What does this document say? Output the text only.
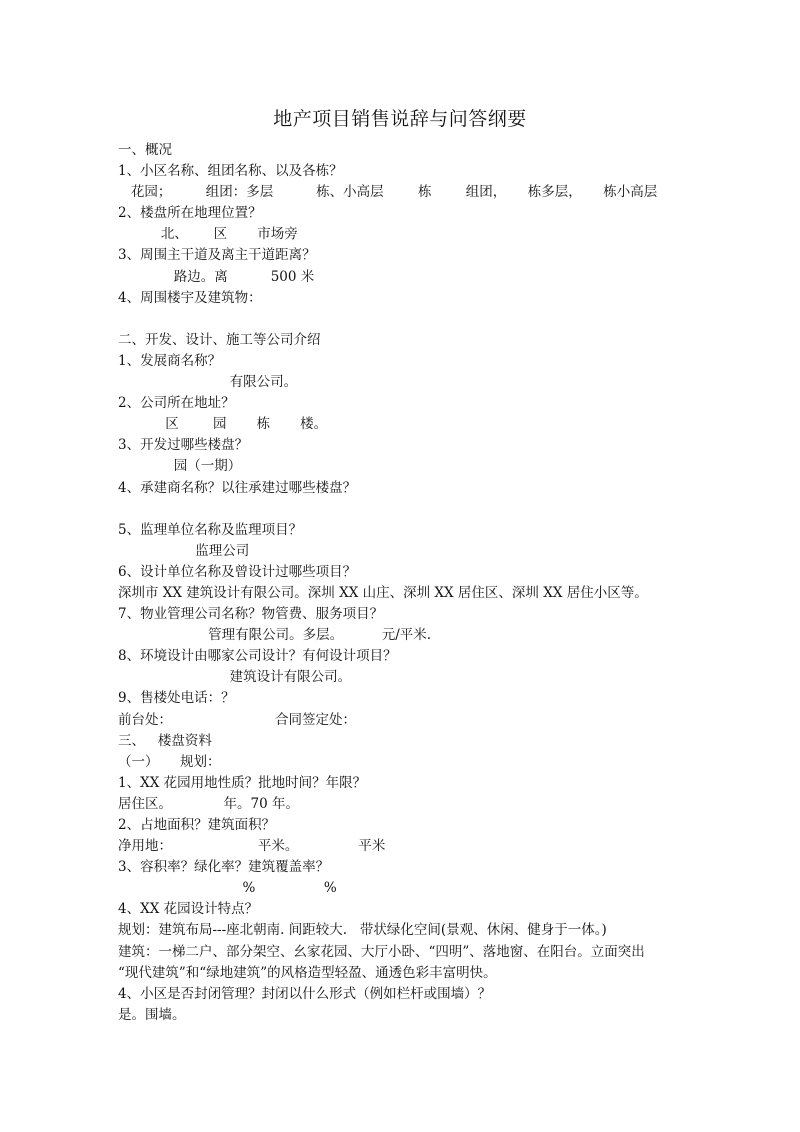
地产项目销售说辞与问答纲要
一、概况
1、小区名称、组团名称、以及各栋？
花园；        组团：多层          栋、小高层        栋        组团，     栋多层，     栋小高层
2、楼盘所在地理位置？
北、      区       市场旁
3、周围主干道及离主干道距离？
路边。离          500 米
4、周围楼宇及建筑物：
二、开发、设计、施工等公司介绍
1、发展商名称？
有限公司。
2、公司所在地址？
区        园       栋       楼。
3、开发过哪些楼盘？
园（一期）
4、承建商名称？以往承建过哪些楼盘？
5、监理单位名称及监理项目？
监理公司
6、设计单位名称及曾设计过哪些项目？
深圳市 XX 建筑设计有限公司。深圳 XX 山庄、深圳 XX 居住区、深圳 XX 居住小区等。
7、物业管理公司名称？物管费、服务项目？
管理有限公司。多层。         元/平米.
8、环境设计由哪家公司设计？有何设计项目？
建筑设计有限公司。
9、售楼处电话：？
前台处：                        合同签定处：
三、   楼盘资料
（一）     规划：
1、XX 花园用地性质？批地时间？年限？
居住区。            年。70 年。
2、占地面积？建筑面积？
净用地：                    平米。              平米
3、容积率？绿化率？建筑覆盖率？
%                %
4、XX 花园设计特点？
规划：建筑布局---座北朝南. 间距较大.   带状绿化空间(景观、休闲、健身于一体。)
建筑：一梯二户、部分架空、幺家花园、大厅小卧、“四明”、落地窗、在阳台。立面突出
“现代建筑”和“绿地建筑”的风格造型轻盈、通透色彩丰富明快。
4、小区是否封闭管理？封闭以什么形式（例如栏杆或围墙）？
是。围墙。
